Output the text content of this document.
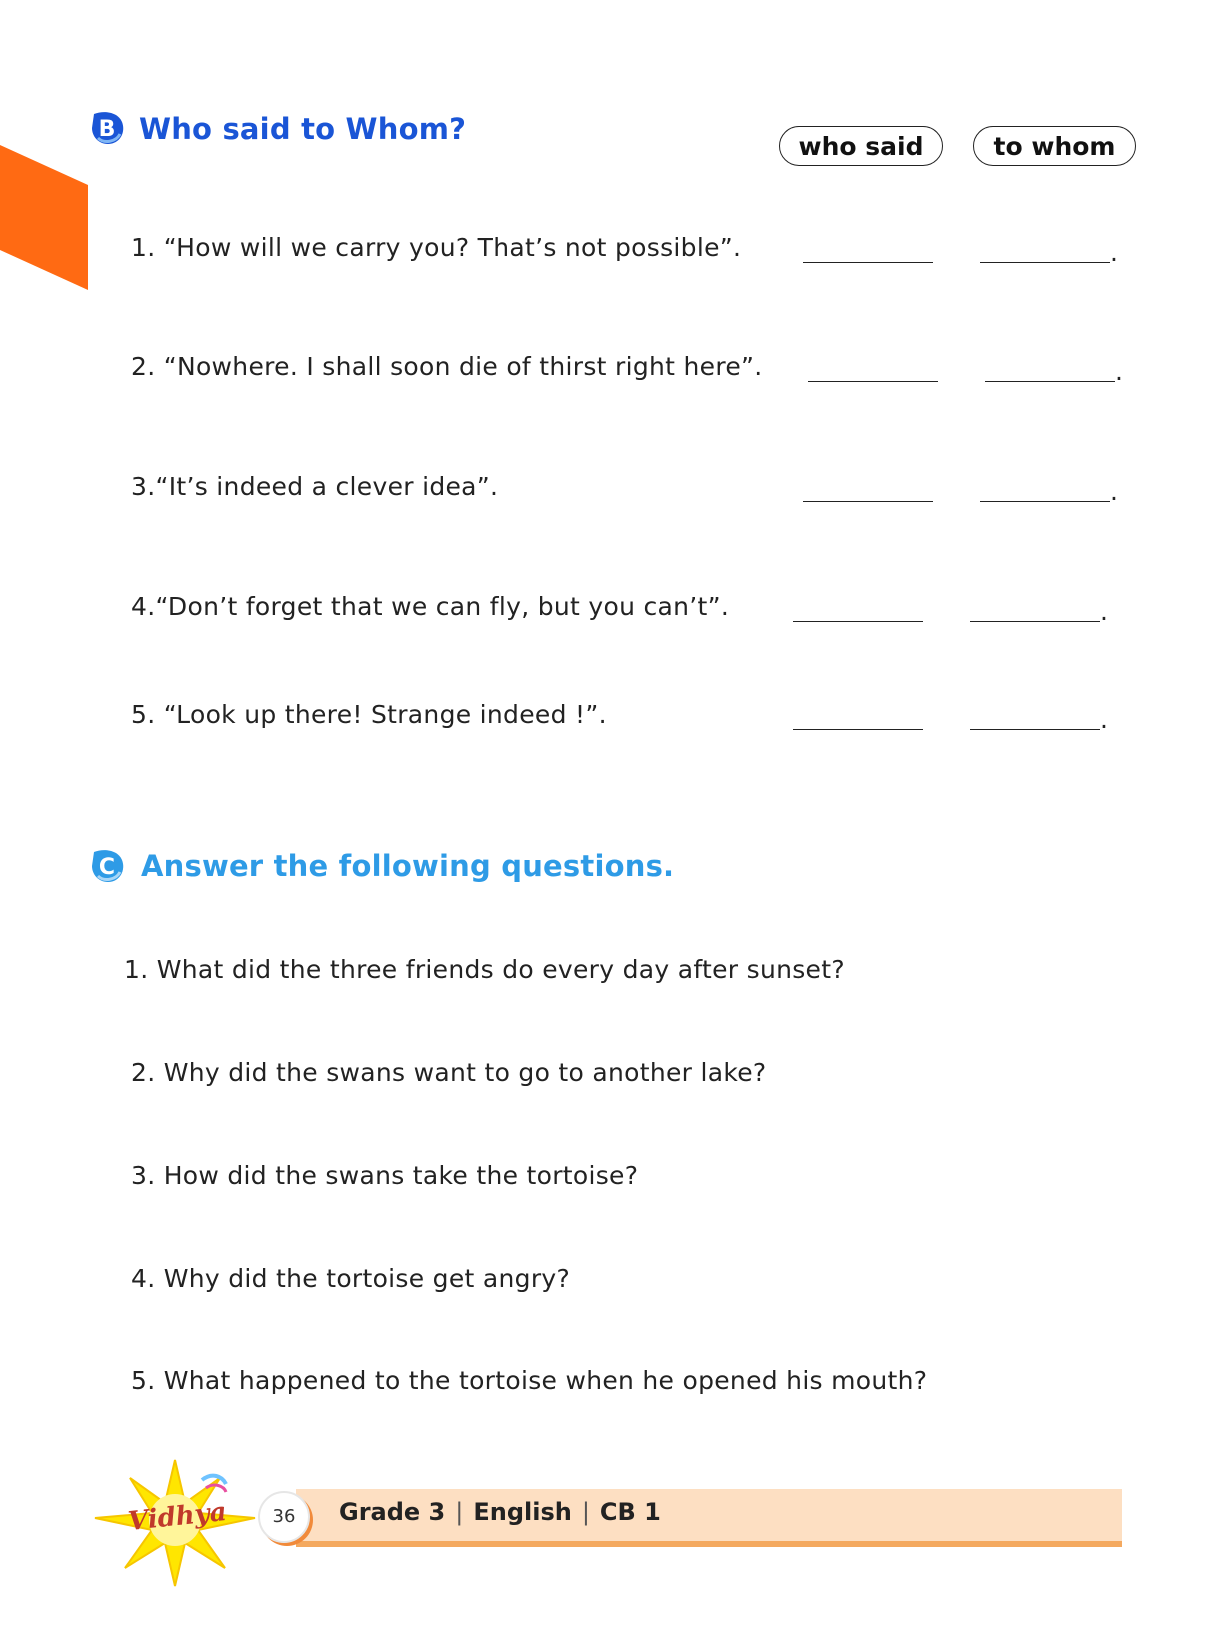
B Who said to Whom?
who said	to whom
1. “How will we carry you? That’s not possible”.	.
2. “Nowhere. I shall soon die of thirst right here”.	.
3.“It’s indeed a clever idea”.	.
4.“Don’t forget that we can fly, but you can’t”.	.
5. “Look up there! Strange indeed !”.	.
C Answer the following questions.
1. What did the three friends do every day after sunset?
2. Why did the swans want to go to another lake?
3. How did the swans take the tortoise?
4. Why did the tortoise get angry?
5. What happened to the tortoise when he opened his mouth?
Vidhya	36	Grade 3 | English | CB 1
